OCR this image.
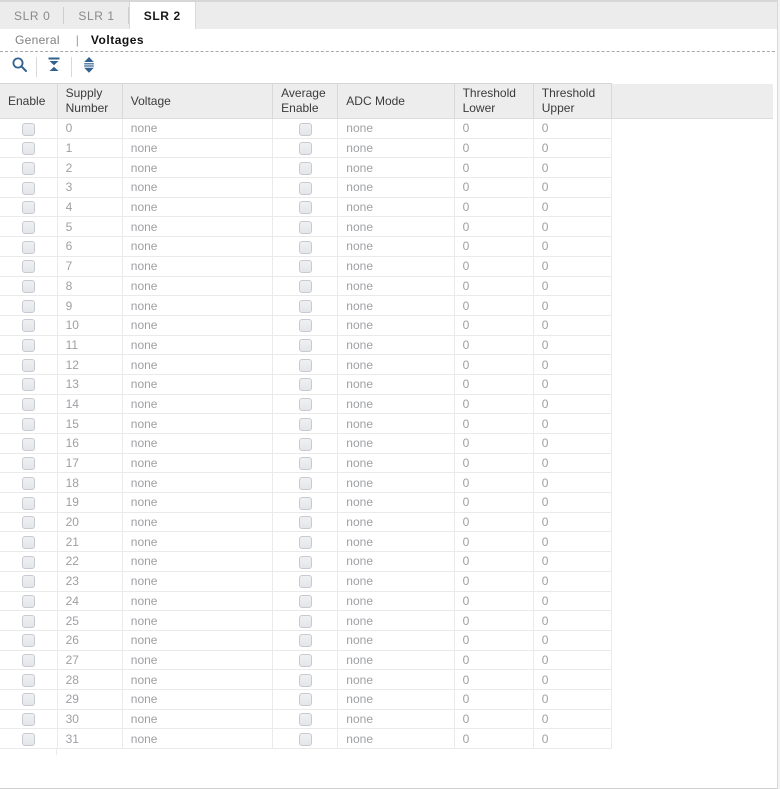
SLR 0 SLR 1 SLR 2
General | Voltages
Enable	Supply Number	Voltage	Average Enable	ADC Mode	Threshold Lower	Threshold Upper
	0	none		none	0	0
	1	none		none	0	0
	2	none		none	0	0
	3	none		none	0	0
	4	none		none	0	0
	5	none		none	0	0
	6	none		none	0	0
	7	none		none	0	0
	8	none		none	0	0
	9	none		none	0	0
	10	none		none	0	0
	11	none		none	0	0
	12	none		none	0	0
	13	none		none	0	0
	14	none		none	0	0
	15	none		none	0	0
	16	none		none	0	0
	17	none		none	0	0
	18	none		none	0	0
	19	none		none	0	0
	20	none		none	0	0
	21	none		none	0	0
	22	none		none	0	0
	23	none		none	0	0
	24	none		none	0	0
	25	none		none	0	0
	26	none		none	0	0
	27	none		none	0	0
	28	none		none	0	0
	29	none		none	0	0
	30	none		none	0	0
	31	none		none	0	0
